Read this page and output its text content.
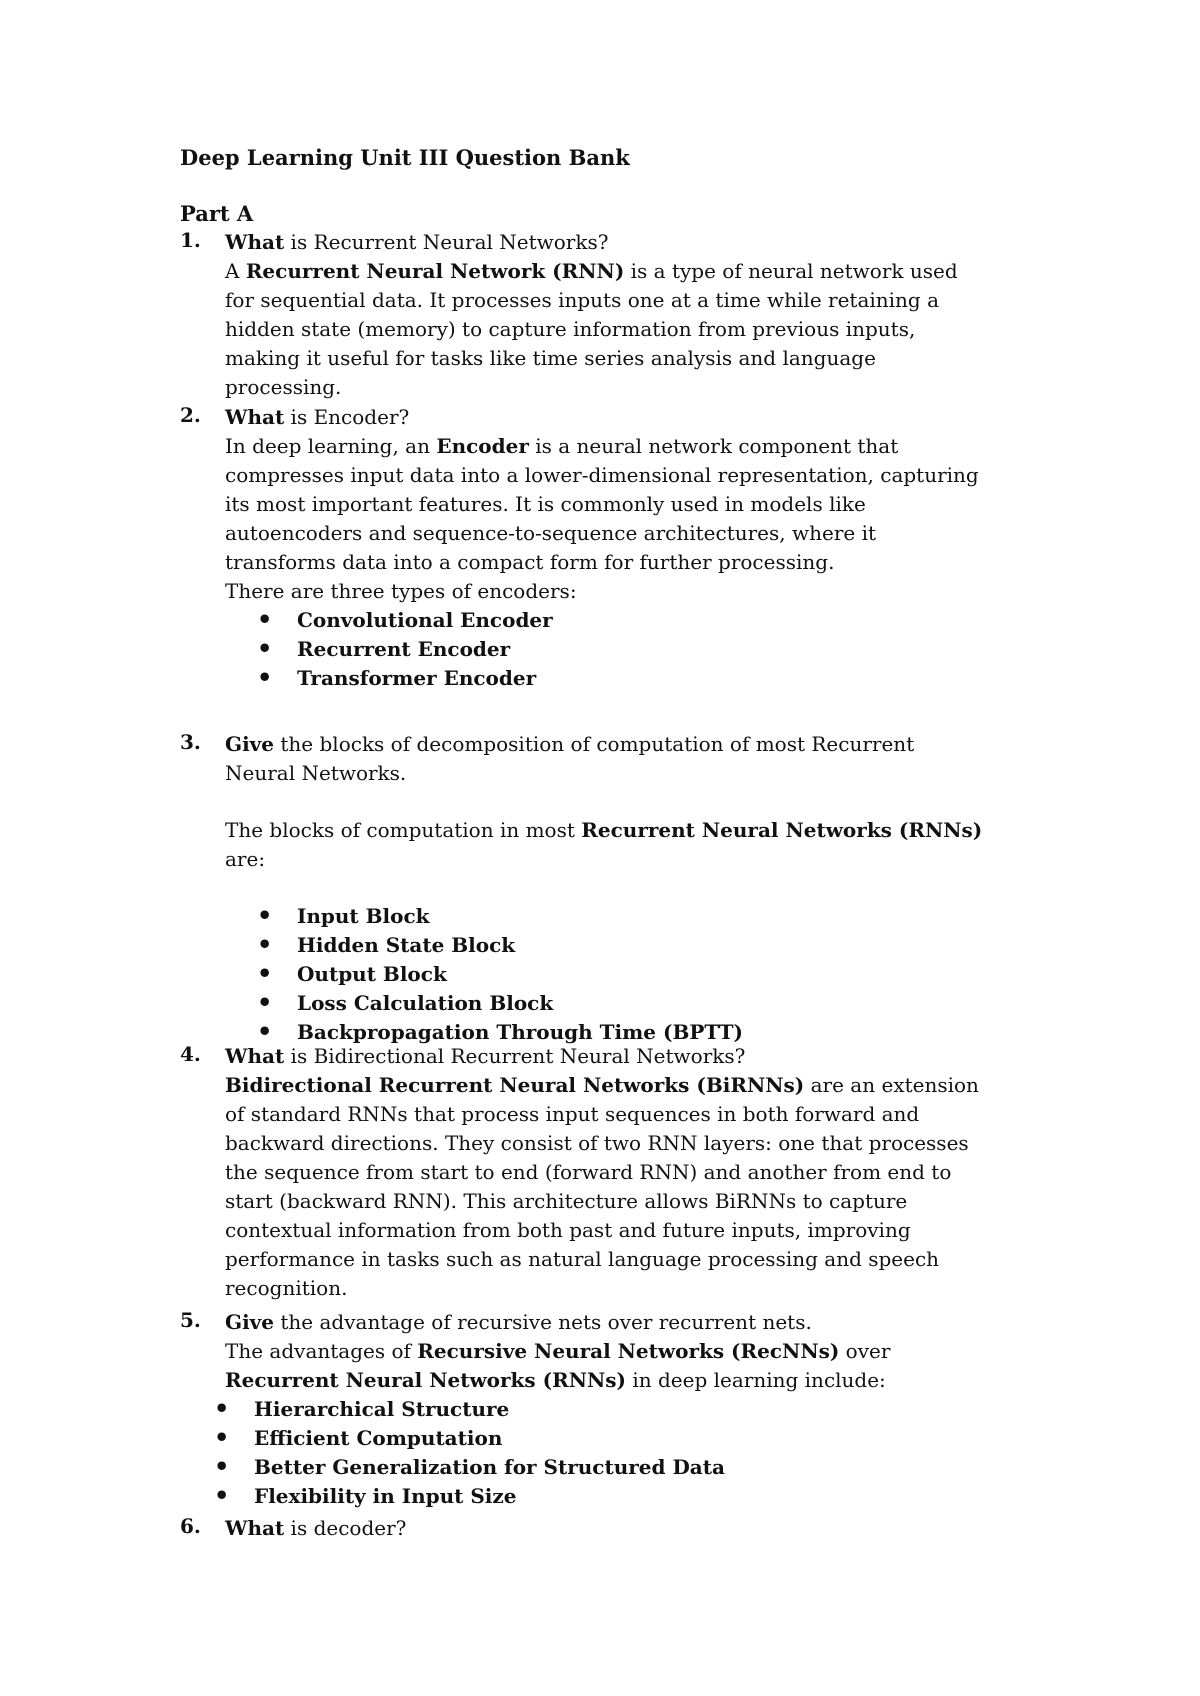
Deep Learning Unit III Question Bank
Part A
1. What is Recurrent Neural Networks?

A Recurrent Neural Network (RNN) is a type of neural network used for sequential data. It processes inputs one at a time while retaining a hidden state (memory) to capture information from previous inputs, making it useful for tasks like time series analysis and language processing.

2. What is Encoder?

In deep learning, an Encoder is a neural network component that compresses input data into a lower-dimensional representation, capturing its most important features. It is commonly used in models like autoencoders and sequence-to-sequence architectures, where it transforms data into a compact form for further processing.

There are three types of encoders:

• Convolutional Encoder
• Recurrent Encoder
• Transformer Encoder
3. Give the blocks of decomposition of computation of most Recurrent Neural Networks.

The blocks of computation in most Recurrent Neural Networks (RNNs) are:

• Input Block
• Hidden State Block
• Output Block
• Loss Calculation Block
• Backpropagation Through Time (BPTT)
4. What is Bidirectional Recurrent Neural Networks?

Bidirectional Recurrent Neural Networks (BiRNNs) are an extension of standard RNNs that process input sequences in both forward and backward directions. They consist of two RNN layers: one that processes the sequence from start to end (forward RNN) and another from end to start (backward RNN). This architecture allows BiRNNs to capture contextual information from both past and future inputs, improving performance in tasks such as natural language processing and speech recognition.

5. Give the advantage of recursive nets over recurrent nets.

The advantages of Recursive Neural Networks (RecNNs) over Recurrent Neural Networks (RNNs) in deep learning include:

• Hierarchical Structure
• Efficient Computation
• Better Generalization for Structured Data
• Flexibility in Input Size
6. What is decoder?
